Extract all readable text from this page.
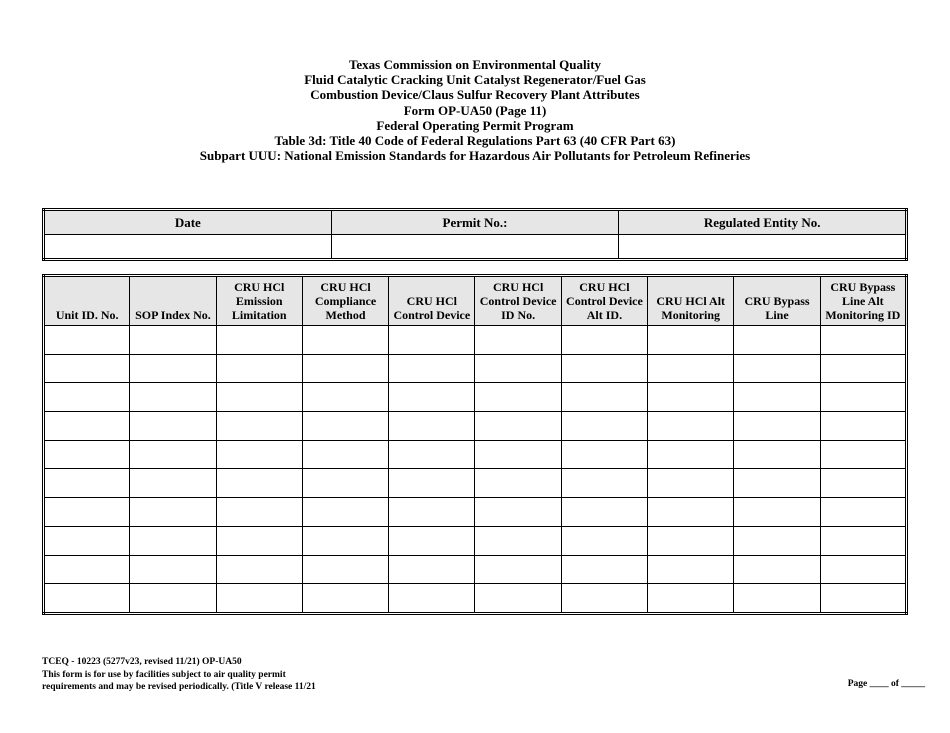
Texas Commission on Environmental Quality
Fluid Catalytic Cracking Unit Catalyst Regenerator/Fuel Gas
Combustion Device/Claus Sulfur Recovery Plant Attributes
Form OP-UA50 (Page 11)
Federal Operating Permit Program
Table 3d: Title 40 Code of Federal Regulations Part 63 (40 CFR Part 63)
Subpart UUU: National Emission Standards for Hazardous Air Pollutants for Petroleum Refineries
Date	Permit No.:	Regulated Entity No.

Unit ID. No.	SOP Index No.	CRU HCl Emission Limitation	CRU HCl Compliance Method	CRU HCl Control Device	CRU HCl Control Device ID No.	CRU HCl Control Device Alt ID.	CRU HCl Alt Monitoring	CRU Bypass Line	CRU Bypass Line Alt Monitoring ID

TCEQ - 10223 (5277v23, revised 11/21) OP-UA50
This form is for use by facilities subject to air quality permit
requirements and may be revised periodically. (Title V release 11/21	Page ____ of _____
